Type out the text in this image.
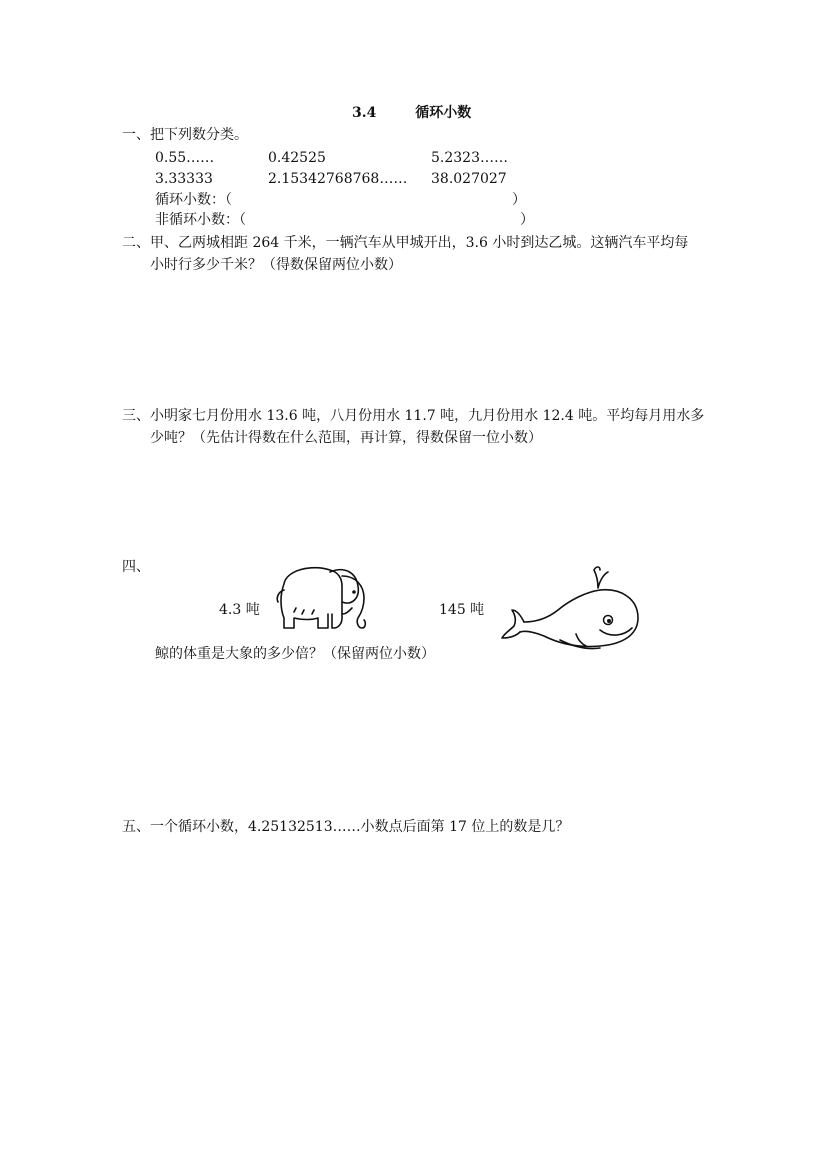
3.4	循环小数
一、 把下列数分类。
0.55……	0.42525	5.2323……
3.33333	2.15342768768…… 38.027027
循环小数：（	）
非循环小数：（	）
二、 甲、乙两城相距 264 千米，一辆汽车从甲城开出，3.6 小时到达乙城。这辆汽车平均每
小时行多少千米？（得数保留两位小数）
三、 小明家七月份用水 13.6 吨，八月份用水 11.7 吨，九月份用水 12.4 吨。平均每月用水多
少吨？（先估计得数在什么范围，再计算，得数保留一位小数）
四、
4.3 吨	145 吨
鲸的体重是大象的多少倍？（保留两位小数）
五、 一个循环小数，4.25132513……小数点后面第 17 位上的数是几？
